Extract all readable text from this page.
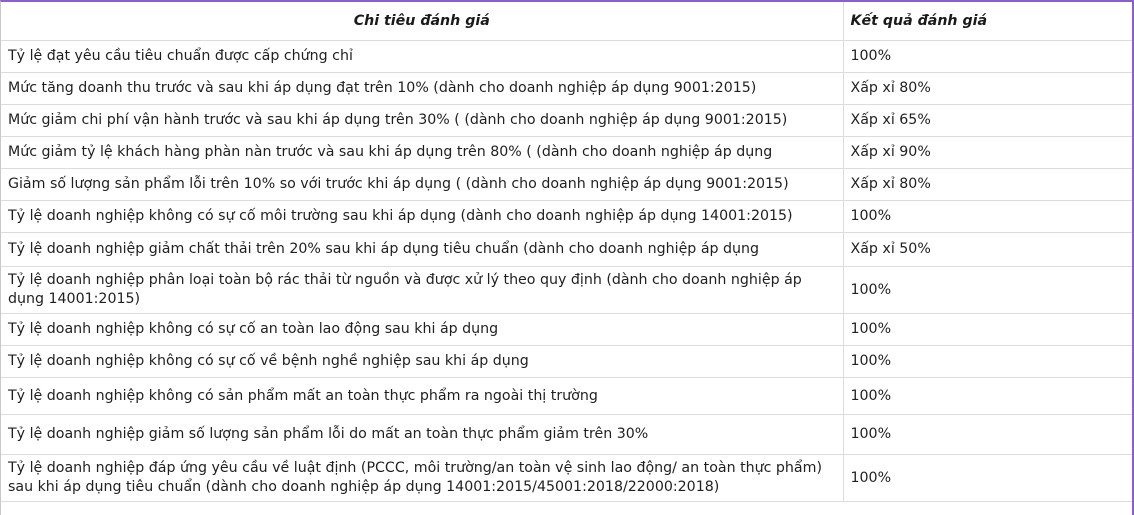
Chi tiêu đánh giá	Kết quả đánh giá
Tỷ lệ đạt yêu cầu tiêu chuẩn được cấp chứng chỉ	100%
Mức tăng doanh thu trước và sau khi áp dụng đạt trên 10% (dành cho doanh nghiệp áp dụng 9001:2015)	Xấp xỉ 80%
Mức giảm chi phí vận hành trước và sau khi áp dụng trên 30% ( (dành cho doanh nghiệp áp dụng 9001:2015)	Xấp xỉ 65%
Mức giảm tỷ lệ khách hàng phàn nàn trước và sau khi áp dụng trên 80% ( (dành cho doanh nghiệp áp dụng	Xấp xỉ 90%
Giảm số lượng sản phẩm lỗi trên 10% so với trước khi áp dụng ( (dành cho doanh nghiệp áp dụng 9001:2015)	Xấp xỉ 80%
Tỷ lệ doanh nghiệp không có sự cố môi trường sau khi áp dụng (dành cho doanh nghiệp áp dụng 14001:2015)	100%
Tỷ lệ doanh nghiệp giảm chất thải trên 20% sau khi áp dụng tiêu chuẩn (dành cho doanh nghiệp áp dụng	Xấp xỉ 50%
Tỷ lệ doanh nghiệp phân loại toàn bộ rác thải từ nguồn và được xử lý theo quy định (dành cho doanh nghiệp áp dụng 14001:2015)	100%
Tỷ lệ doanh nghiệp không có sự cố an toàn lao động sau khi áp dụng	100%
Tỷ lệ doanh nghiệp không có sự cố về bệnh nghề nghiệp sau khi áp dụng	100%
Tỷ lệ doanh nghiệp không có sản phẩm mất an toàn thực phẩm ra ngoài thị trường	100%
Tỷ lệ doanh nghiệp giảm số lượng sản phẩm lỗi do mất an toàn thực phẩm giảm trên 30%	100%
Tỷ lệ doanh nghiệp đáp ứng yêu cầu về luật định (PCCC, môi trường/an toàn vệ sinh lao động/ an toàn thực phẩm) sau khi áp dụng tiêu chuẩn (dành cho doanh nghiệp áp dụng 14001:2015/45001:2018/22000:2018)	100%
